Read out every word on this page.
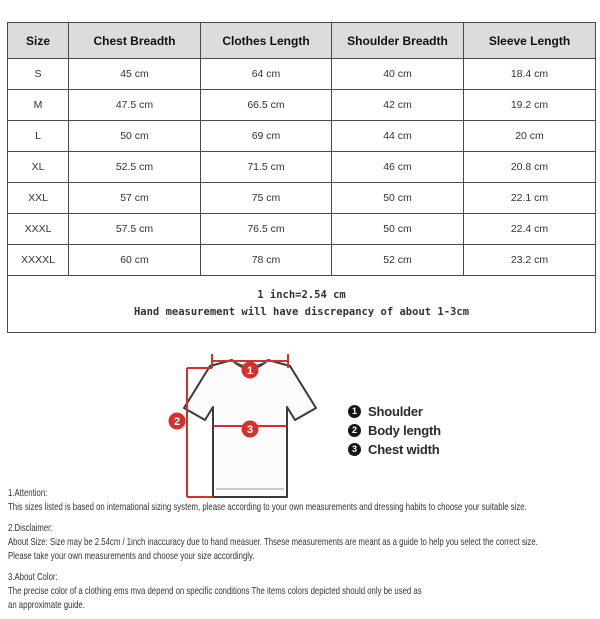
Size	Chest Breadth	Clothes Length	Shoulder Breadth	Sleeve Length
S	45 cm	64 cm	40 cm	18.4 cm
M	47.5 cm	66.5 cm	42 cm	19.2 cm
L	50 cm	69 cm	44 cm	20 cm
XL	52.5 cm	71.5 cm	46 cm	20.8 cm
XXL	57 cm	75 cm	50 cm	22.1 cm
XXXL	57.5 cm	76.5 cm	50 cm	22.4 cm
XXXXL	60 cm	78 cm	52 cm	23.2 cm

1 inch=2.54 cm
Hand measurement will have discrepancy of about 1-3cm				
1
2
3
1 Shoulder
2 Body length
3 Chest width
1.Attention:
This sizes listed is based on international sizing system, please according to your own measurements and dressing habits to choose your suitable size.
2.Disclaimer:
About Size: Size may be 2.54cm / 1inch inaccuracy due to hand measuer. Thsese measurements are meant as a guide to help you select the correct size.
Please take your own measurements and choose your size accordingly.
3.About Color:
The precise color of a clothing ems mva depend on specific conditions The items colors depicted should only be used as
an approximate guide.
